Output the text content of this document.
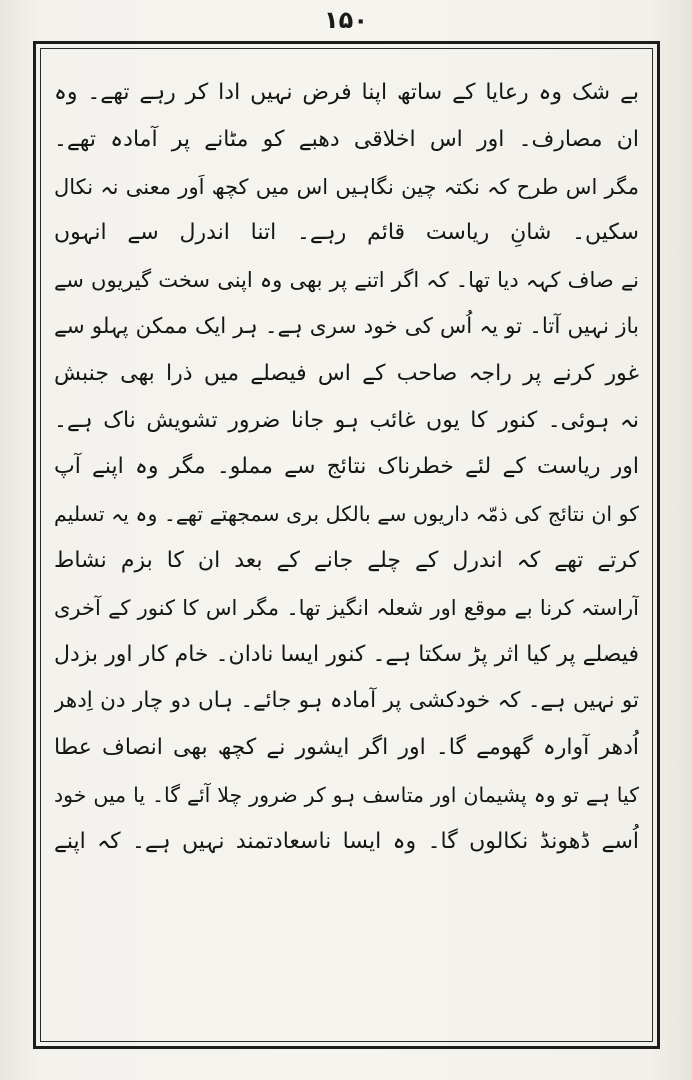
۱۵۰
بے شک وہ رعایا کے ساتھ اپنا فرض نہیں ادا کر رہے تھے۔ وہ
ان مصارف۔ اور اس اخلاقی دھبے کو مٹانے پر آمادہ تھے۔
مگر اس طرح کہ نکتہ چین نگاہیں اس میں کچھ اَور معنی نہ نکال
سکیں۔ شانِ ریاست قائم رہے۔ اتنا اندرل سے انہوں
نے صاف کہہ دیا تھا۔ کہ اگر اتنے پر بھی وہ اپنی سخت گیریوں سے
باز نہیں آتا۔ تو یہ اُس کی خود سری ہے۔ ہر ایک ممکن پہلو سے
غور کرنے پر راجہ صاحب کے اس فیصلے میں ذرا بھی جنبش
نہ ہوئی۔ کنور کا یوں غائب ہو جانا ضرور تشویش ناک ہے۔
اور ریاست کے لئے خطرناک نتائج سے مملو۔ مگر وہ اپنے آپ
کو ان نتائج کی ذمّہ داریوں سے بالکل بری سمجھتے تھے۔ وہ یہ تسلیم
کرتے تھے کہ اندرل کے چلے جانے کے بعد ان کا بزم نشاط
آراستہ کرنا بے موقع اور شعلہ انگیز تھا۔ مگر اس کا کنور کے آخری
فیصلے پر کیا اثر پڑ سکتا ہے۔ کنور ایسا نادان۔ خام کار اور بزدل
تو نہیں ہے۔ کہ خودکشی پر آمادہ ہو جائے۔ ہاں دو چار دن اِدھر
اُدھر آوارہ گھومے گا۔ اور اگر ایشور نے کچھ بھی انصاف عطا
کیا ہے تو وہ پشیمان اور متاسف ہو کر ضرور چلا آئے گا۔ یا میں خود
اُسے ڈھونڈ نکالوں گا۔ وہ ایسا ناسعادتمند نہیں ہے۔ کہ اپنے
